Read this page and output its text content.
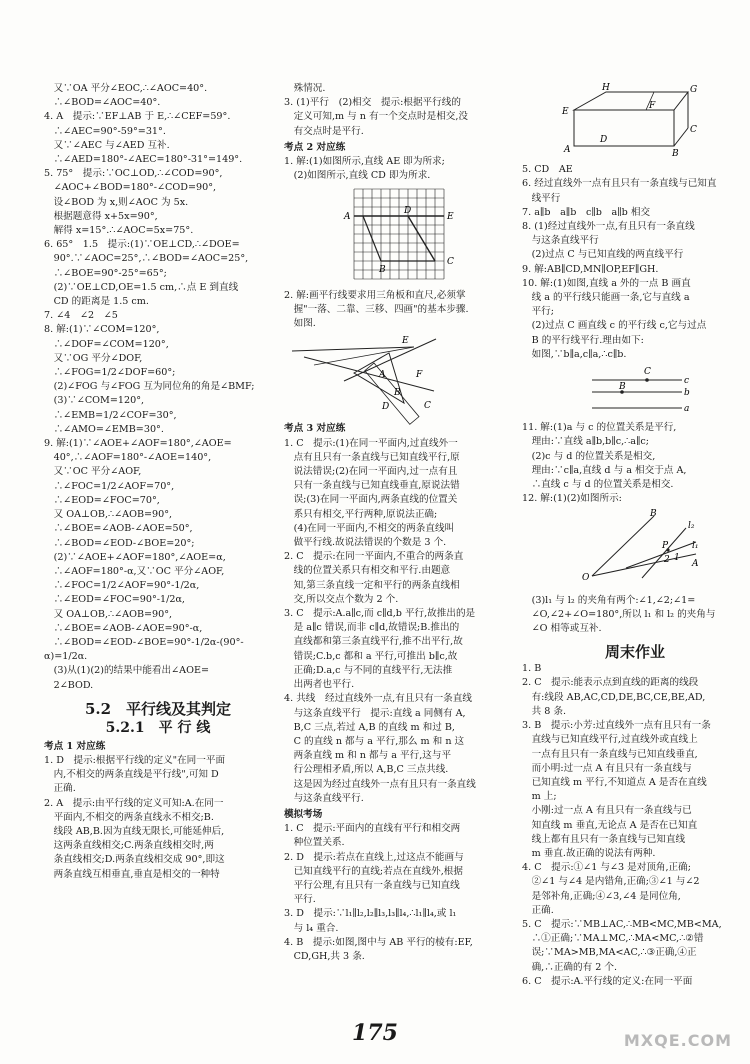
　又∵OA 平分∠EOC,∴∠AOC=40°.

　∴∠BOD=∠AOC=40°.

4. A　提示:∵EF⊥AB 于 E,∴∠CEF=59°.

　∴∠AEC=90°-59°=31°.

　又∵∠AEC 与∠AED 互补.

　∴∠AED=180°-∠AEC=180°-31°=149°.

5. 75°　提示:∵OC⊥OD,∴∠COD=90°,

　∠AOC+∠BOD=180°-∠COD=90°,

　设∠BOD 为 x,则∠AOC 为 5x.

　根据题意得 x+5x=90°,

　解得 x=15°.∴∠AOC=5x=75°.

6. 65°　1.5　提示:(1)∵OE⊥CD,∴∠DOE=

　90°.∵∠AOC=25°,∴∠BOD=∠AOC=25°,

　∴∠BOE=90°-25°=65°;

　(2)∵OE⊥CD,OE=1.5 cm,∴点 E 到直线

　CD 的距离是 1.5 cm.

7. ∠4　∠2　∠5

8. 解:(1)∵∠COM=120°,

　∴∠DOF=∠COM=120°,

　又∵OG 平分∠DOF,

　∴∠FOG=1/2∠DOF=60°;

　(2)∠FOG 与∠FOG 互为同位角的角是∠BMF;

　(3)∵∠COM=120°,

　∴∠EMB=1/2∠COF=30°,

　∴∠AMO=∠EMB=30°.

9. 解:(1)∵∠AOE+∠AOF=180°,∠AOE=

　40°,∴∠AOF=180°-∠AOE=140°,

　又∵OC 平分∠AOF,

　∴∠FOC=1/2∠AOF=70°,

　∴∠EOD=∠FOC=70°,

　又 OA⊥OB,∴∠AOB=90°,

　∴∠BOE=∠AOB-∠AOE=50°,

　∴∠BOD=∠EOD-∠BOE=20°;

　(2)∵∠AOE+∠AOF=180°,∠AOE=α,

　∴∠AOF=180°-α,又∵OC 平分∠AOF,

　∴∠FOC=1/2∠AOF=90°-1/2α,

　∴∠EOD=∠FOC=90°-1/2α,

　又 OA⊥OB,∴∠AOB=90°,

　∴∠BOE=∠AOB-∠AOE=90°-α,

　∴∠BOD=∠EOD-∠BOE=90°-1/2α-(90°-α)=1/2α.

　(3)从(1)(2)的结果中能看出∠AOE=

　2∠BOD.

5.2　平行线及其判定

5.2.1　平 行 线

考点 1 对应练

1. D　提示:根据平行线的定义"在同一平面

　内,不相交的两条直线是平行线",可知 D

　正确.

2. A　提示:由平行线的定义可知:A.在同一

　平面内,不相交的两条直线永不相交;B.

　线段 AB,B.因为直线无限长,可能延伸后,

　这两条直线相交;C.两条直线相交时,两

　条直线相交;D.两条直线相交成 90°,即这

　两条直线互相垂直,垂直是相交的一种特

　殊情况.

3. (1)平行　(2)相交　提示:根据平行线的

　定义可知,m 与 n 有一个交点时是相交,没

　有交点时是平行.

考点 2 对应练

1. 解:(1)如图所示,直线 AE 即为所求;

　(2)如图所示,直线 CD 即为所求.

A
D
E
B
C

2. 解:画平行线要求用三角板和直尺,必须掌

　握"一落、二靠、三移、四画"的基本步骤.

　如图.

A
B
C
D
E
F

考点 3 对应练

1. C　提示:(1)在同一平面内,过直线外一

　点有且只有一条直线与已知直线平行,原

　说法错误;(2)在同一平面内,过一点有且

　只有一条直线与已知直线垂直,原说法错

　误;(3)在同一平面内,两条直线的位置关

　系只有相交,平行两种,原说法正确;

　(4)在同一平面内,不相交的两条直线叫

　做平行线.故说法错误的个数是 3 个.

2. C　提示:在同一平面内,不重合的两条直

　线的位置关系只有相交和平行.由题意

　知,第三条直线一定和平行的两条直线相

　交,所以交点个数为 2 个.

3. C　提示:A.a∥c,而 c∥d,b 平行,故推出的是

　是 a∥c 错误,而非 c∥d,故错误;B.推出的

　直线都和第三条直线平行,推不出平行,故

　错误;C.b,c 都和 a 平行,可推出 b∥c,故

　正确;D.a,c 与不同的直线平行,无法推

　出两者也平行.

4. 共线　经过直线外一点,有且只有一条直线

　与这条直线平行　提示:直线 a 同侧有 A,

　B,C 三点,若过 A,B 的直线 m 和过 B,

　C 的直线 n 都与 a 平行,那么 m 和 n 这

　两条直线 m 和 n 都与 a 平行,这与平

　行公理相矛盾,所以 A,B,C 三点共线.

　这是因为经过直线外一点有且只有一条直线

　与这条直线平行.

模拟考场

1. C　提示:平面内的直线有平行和相交两

　种位置关系.

2. D　提示:若点在直线上,过这点不能画与

　已知直线平行的直线;若点在直线外,根据

　平行公理,有且只有一条直线与已知直线

　平行.

3. D　提示:∵l₁∥l₂,l₂∥l₃,l₃∥l₄,∴l₁∥l₄,或 l₁

　与 l₄ 重合.

4. B　提示:如图,图中与 AB 平行的棱有:EF,

　CD,GH,共 3 条.

H	G
E
F
A
D
C
B

5. CD　AE

6. 经过直线外一点有且只有一条直线与已知直

　线平行

7. a∥b　a∥b　c∥b　a∥b 相交

8. (1)经过直线外一点,有且只有一条直线

　与这条直线平行

　(2)过点 C 与已知直线的两直线平行

9. 解:AB∥CD,MN∥OP,EF∥GH.

10. 解:(1)如图,直线 a 外的一点 B 画直

　线 a 的平行线只能画一条,它与直线 a

　平行;

　(2)过点 C 画直线 c 的平行线 c,它与过点

　B 的平行线平行.理由如下:

　如图,∵b∥a,c∥a,∴c∥b.

C
c
B
b
a

11. 解:(1)a 与 c 的位置关系是平行,

　理由:∵直线 a∥b,b∥c,∴a∥c;

　(2)c 与 d 的位置关系是相交,

　理由:∵c∥a,直线 d 与 a 相交于点 A,

　∴直线 c 与 d 的位置关系是相交.

12. 解:(1)(2)如图所示:

B
l₂
P
2 1
l₁
O
A

　(3)l₁ 与 l₂ 的夹角有两个:∠1,∠2;∠1=

　∠O,∠2+∠O=180°,所以 l₁ 和 l₂ 的夹角与

　∠O 相等或互补.

周末作业

1. B

2. C　提示:能表示点到直线的距离的线段

　有:线段 AB,AC,CD,DE,BC,CE,BE,AD,

　共 8 条.

3. B　提示:小芳:过直线外一点有且只有一条

　直线与已知直线平行,过直线外或直线上

　一点有且只有一条直线与已知直线垂直,

　而小明:过一点 A 有且只有一条直线与

　已知直线 m 平行,不知道点 A 是否在直线

　m 上;

　小刚:过一点 A 有且只有一条直线与已

　知直线 m 垂直,无论点 A 是否在已知直

　线上都有且只有一条直线与已知直线

　m 垂直.故正确的说法有两种.

4. C　提示:①∠1 与∠3 是对顶角,正确;

　②∠1 与∠4 是内错角,正确;③∠1 与∠2

　是邻补角,正确;④∠3,∠4 是同位角,

　正确.

5. C　提示:∵MB⊥AC,∴MB<MC,MB<MA,

　∴①正确;∵MA⊥MC,∴MA<MC,∴②错

　误;∵MA>MB,MA<AC,∴③正确,④正

　确,∴正确的有 2 个.

6. C　提示:A.平行线的定义:在同一平面

175	MXQE.COM
